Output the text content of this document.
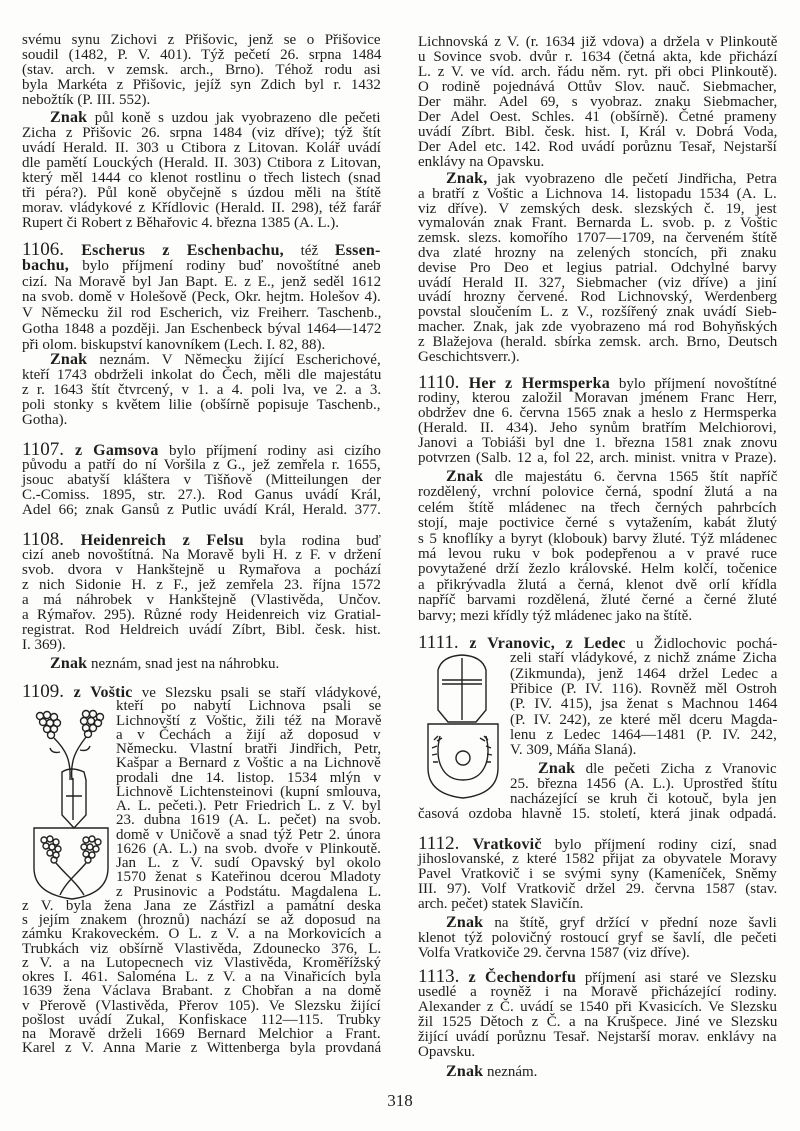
svému synu Zichovi z Přišovic, jenž se o Přišovice
soudil (1482, P. V. 401). Týž pečetí 26. srpna 1484
(stav. arch. v zemsk. arch., Brno). Téhož rodu asi
byla Markéta z Přišovic, jejíž syn Zdich byl r. 1432
nebožtík (P. III. 552).
Znak půl koně s uzdou jak vyobrazeno dle pečeti
Zicha z Přišovic 26. srpna 1484 (viz dříve); týž štít
uvádí Herald. II. 303 u Ctibora z Litovan. Kolář uvádí
dle pamětí Louckých (Herald. II. 303) Ctibora z Litovan,
který měl 1444 co klenot rostlinu o třech listech (snad
tři péra?). Půl koně obyčejně s úzdou měli na štítě
morav. vládykové z Křídlovic (Herald. II. 298), též farář
Rupert či Robert z Běhařovic 4. března 1385 (A. L.).
1106. Escherus z Eschenbachu, též Essen-
bachu, bylo příjmení rodiny buď novoštítné aneb
cizí. Na Moravě byl Jan Bapt. E. z E., jenž seděl 1612
na svob. domě v Holešově (Peck, Okr. hejtm. Holešov 4).
V Německu žil rod Escherich, viz Freiherr. Taschenb.,
Gotha 1848 a později. Jan Eschenbeck býval 1464—1472
při olom. biskupství kanovníkem (Lech. I. 82, 88).
Znak neznám. V Německu žijící Escherichové,
kteří 1743 obdrželi inkolat do Čech, měli dle majestátu
z r. 1643 štít čtvrcený, v 1. a 4. poli lva, ve 2. a 3.
poli stonky s květem lilie (obšírně popisuje Taschenb.,
Gotha).
1107. z Gamsova bylo příjmení rodiny asi cizího
původu a patří do ní Voršila z G., jež zemřela r. 1655,
jsouc abatyší kláštera v Tišňově (Mitteilungen der
C.-Comiss. 1895, str. 27.). Rod Ganus uvádí Král,
Adel 66; znak Gansů z Putlic uvádí Král, Herald. 377.
1108. Heidenreich z Felsu byla rodina buď
cizí aneb novoštítná. Na Moravě byli H. z F. v držení
svob. dvora v Hankštejně u Rymařova a pochází
z nich Sidonie H. z F., jež zemřela 23. října 1572
a má náhrobek v Hankštejně (Vlastivěda, Unčov.
a Rýmařov. 295). Různé rody Heidenreich viz Gratial-
registrat. Rod Heldreich uvádí Zíbrt, Bibl. česk. hist.
I. 369).
Znak neznám, snad jest na náhrobku.
1109. z Voštic ve Slezsku psali se staří vládykové,
kteří po nabytí Lichnova psali se
Lichnovští z Voštic, žili též na Moravě
a v Čechách a žijí až doposud v
Německu. Vlastní bratři Jindřich, Petr,
Kašpar a Bernard z Voštic a na Lichnově
prodali dne 14. listop. 1534 mlýn v
Lichnově Lichtensteinovi (kupní smlouva,
A. L. pečeti.). Petr Friedrich L. z V. byl
23. dubna 1619 (A. L. pečet) na svob.
domě v Uničově a snad týž Petr 2. února
1626 (A. L.) na svob. dvoře v Plinkoutě.
Jan L. z V. sudí Opavský byl okolo
1570 ženat s Kateřinou dcerou Mladoty
z Prusinovic a Podstátu. Magdalena L.
z V. byla žena Jana ze Zástřizl a památní deska
s jejím znakem (hroznů) nachází se až doposud na
zámku Krakoveckém. O L. z V. a na Morkovicích a
Trubkách viz obšírně Vlastivěda, Zdounecko 376, L.
z V. a na Lutopecnech viz Vlastivěda, Kroměřížský
okres I. 461. Saloména L. z V. a na Vinařicích byla
1639 žena Václava Brabant. z Chobřan a na domě
v Přerově (Vlastivěda, Přerov 105). Ve Slezsku žijící
pošlost uvádí Zukal, Konfiskace 112—115. Trubky
na Moravě drželi 1669 Bernard Melchior a Frant.
Karel z V. Anna Marie z Wittenberga byla provdaná
Lichnovská z V. (r. 1634 již vdova) a držela v Plinkoutě
u Sovince svob. dvůr r. 1634 (četná akta, kde přichází
L. z V. ve víd. arch. řádu něm. ryt. při obci Plinkoutě).
O rodině pojednává Ottův Slov. nauč. Siebmacher,
Der mähr. Adel 69, s vyobraz. znaku Siebmacher,
Der Adel Oest. Schles. 41 (obšírně). Četné prameny
uvádí Zíbrt. Bibl. česk. hist. I, Král v. Dobrá Voda,
Der Adel etc. 142. Rod uvádí porůznu Tesař, Nejstarší
enklávy na Opavsku.
Znak, jak vyobrazeno dle pečetí Jindřicha, Petra
a bratří z Voštic a Lichnova 14. listopadu 1534 (A. L.
viz dříve). V zemských desk. slezských č. 19, jest
vymalován znak Frant. Bernarda L. svob. p. z Voštic
zemsk. slezs. komořího 1707—1709, na červeném štítě
dva zlaté hrozny na zelených stoncích, při znaku
devise Pro Deo et legius patrial. Odchylné barvy
uvádí Herald II. 327, Siebmacher (viz dříve) a jiní
uvádí hrozny červené. Rod Lichnovský, Werdenberg
povstal sloučením L. z V., rozšířený znak uvádí Sieb-
macher. Znak, jak zde vyobrazeno má rod Bohyňských
z Blažejova (herald. sbírka zemsk. arch. Brno, Deutsch
Geschichtsverr.).
1110. Her z Hermsperka bylo příjmení novoštítné
rodiny, kterou založil Moravan jménem Franc Herr,
obdržev dne 6. června 1565 znak a heslo z Hermsperka
(Herald. II. 434). Jeho synům bratřím Melchiorovi,
Janovi a Tobiáši byl dne 1. března 1581 znak znovu
potvrzen (Salb. 12 a, fol 22, arch. minist. vnitra v Praze).
Znak dle majestátu 6. června 1565 štít napříč
rozdělený, vrchní polovice černá, spodní žlutá a na
celém štítě mládenec na třech černých pahrbcích
stojí, maje poctivice černé s vytažením, kabát žlutý
s 5 knoflíky a byryt (klobouk) barvy žluté. Týž mládenec
má levou ruku v bok podepřenou a v pravé ruce
povytažené drží žezlo královské. Helm kolčí, točenice
a přikrývadla žlutá a černá, klenot dvě orlí křídla
napříč barvami rozdělená, žluté černé a černé žluté
barvy; mezi křídly týž mládenec jako na štítě.
1111. z Vranovic, z Ledec u Židlochovic pochá-
zeli staří vládykové, z nichž známe Zicha
(Zikmunda), jenž 1464 držel Ledec a
Přibice (P. IV. 116). Rovněž měl Ostroh
(P. IV. 415), jsa ženat s Machnou 1464
(P. IV. 242), ze které měl dceru Magda-
lenu z Ledec 1464—1481 (P. IV. 242,
V. 309, Máňa Slaná).
Znak dle pečeti Zicha z Vranovic
25. března 1456 (A. L.). Uprostřed štítu
nacházející se kruh či kotouč, byla jen
časová ozdoba hlavně 15. století, která jinak odpadá.
1112. Vratkovič bylo příjmení rodiny cizí, snad
jihoslovanské, z které 1582 přijat za obyvatele Moravy
Pavel Vratkovič i se svými syny (Kameníček, Sněmy
III. 97). Volf Vratkovič držel 29. června 1587 (stav.
arch. pečet) statek Slavičín.
Znak na štítě, gryf držící v přední noze šavli
klenot týž polovičný rostoucí gryf se šavlí, dle pečeti
Volfa Vratkoviče 29. června 1587 (viz dříve).
1113. z Čechendorfu příjmení asi staré ve Slezsku
usedlé a rovněž i na Moravě přicházející rodiny.
Alexander z Č. uvádí se 1540 při Kvasicích. Ve Slezsku
žil 1525 Dětoch z Č. a na Krušpece. Jiné ve Slezsku
žijící uvádí porůznu Tesař. Nejstarší morav. enklávy na
Opavsku.
Znak neznám.
318
